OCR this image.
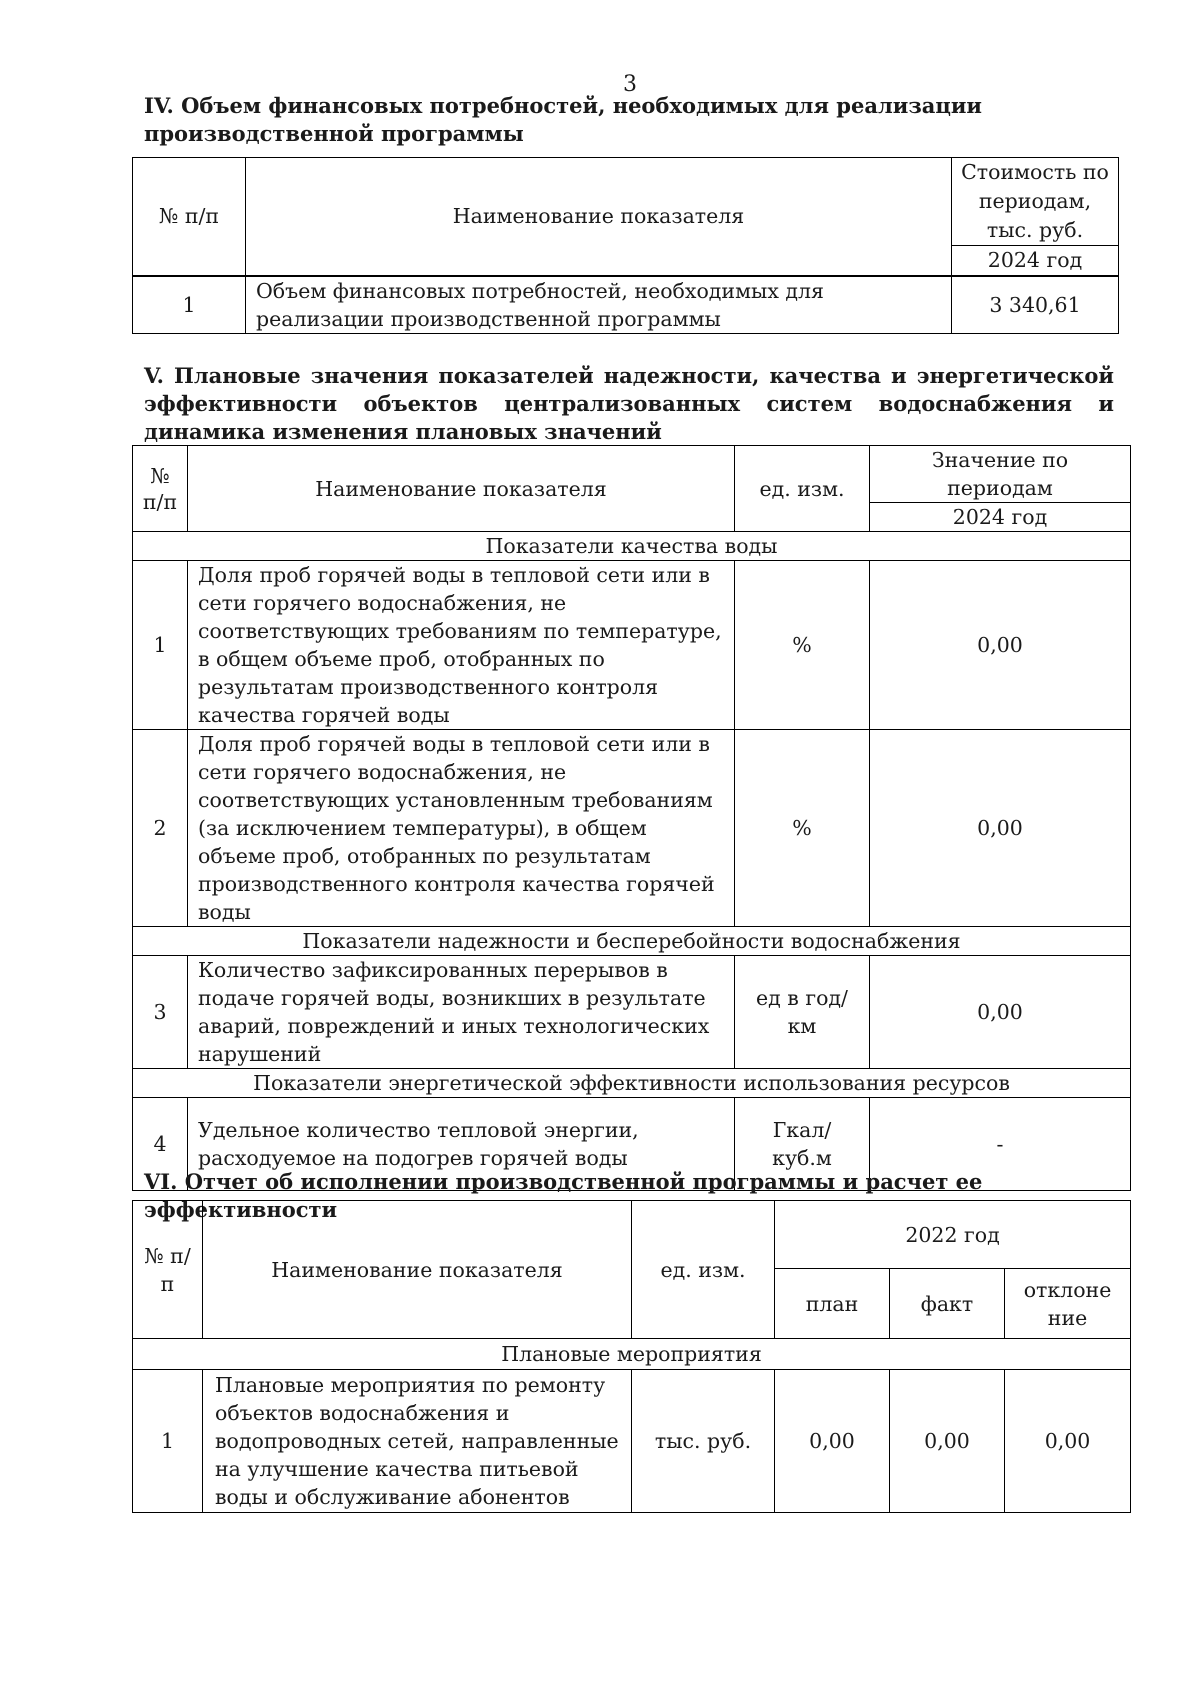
3
IV. Объем финансовых потребностей, необходимых для реализации производственной программы
№ п/п	Наименование показателя	Стоимость по периодам, тыс. руб.
		2024 год
1	Объем финансовых потребностей, необходимых для реализации производственной программы	3 340,61
V. Плановые значения показателей надежности, качества и энергетической эффективности объектов централизованных систем водоснабжения и динамика изменения плановых значений
№ п/п	Наименование показателя	ед. изм.	Значение по периодам
			2024 год
Показатели качества воды			
1	Доля проб горячей воды в тепловой сети или в сети горячего водоснабжения, не соответствующих требованиям по температуре, в общем объеме проб, отобранных по результатам производственного контроля качества горячей воды	%	0,00
2	Доля проб горячей воды в тепловой сети или в сети горячего водоснабжения, не соответствующих установленным требованиям (за исключением температуры), в общем объеме проб, отобранных по результатам производственного контроля качества горячей воды	%	0,00
Показатели надежности и бесперебойности водоснабжения			
3	Количество зафиксированных перерывов в подаче горячей воды, возникших в результате аварий, повреждений и иных технологических нарушений	ед в год/ км	0,00
Показатели энергетической эффективности использования ресурсов			
4	Удельное количество тепловой энергии, расходуемое на подогрев горячей воды	Гкал/куб.м	-
VI. Отчет об исполнении производственной программы и расчет ее эффективности
№ п/п	Наименование показателя	ед. изм.	2022 год		
			план	факт	отклонение
Плановые мероприятия					
1	Плановые мероприятия по ремонту объектов водоснабжения и водопроводных сетей, направленные на улучшение качества питьевой воды и обслуживание абонентов	тыс. руб.	0,00	0,00	0,00
